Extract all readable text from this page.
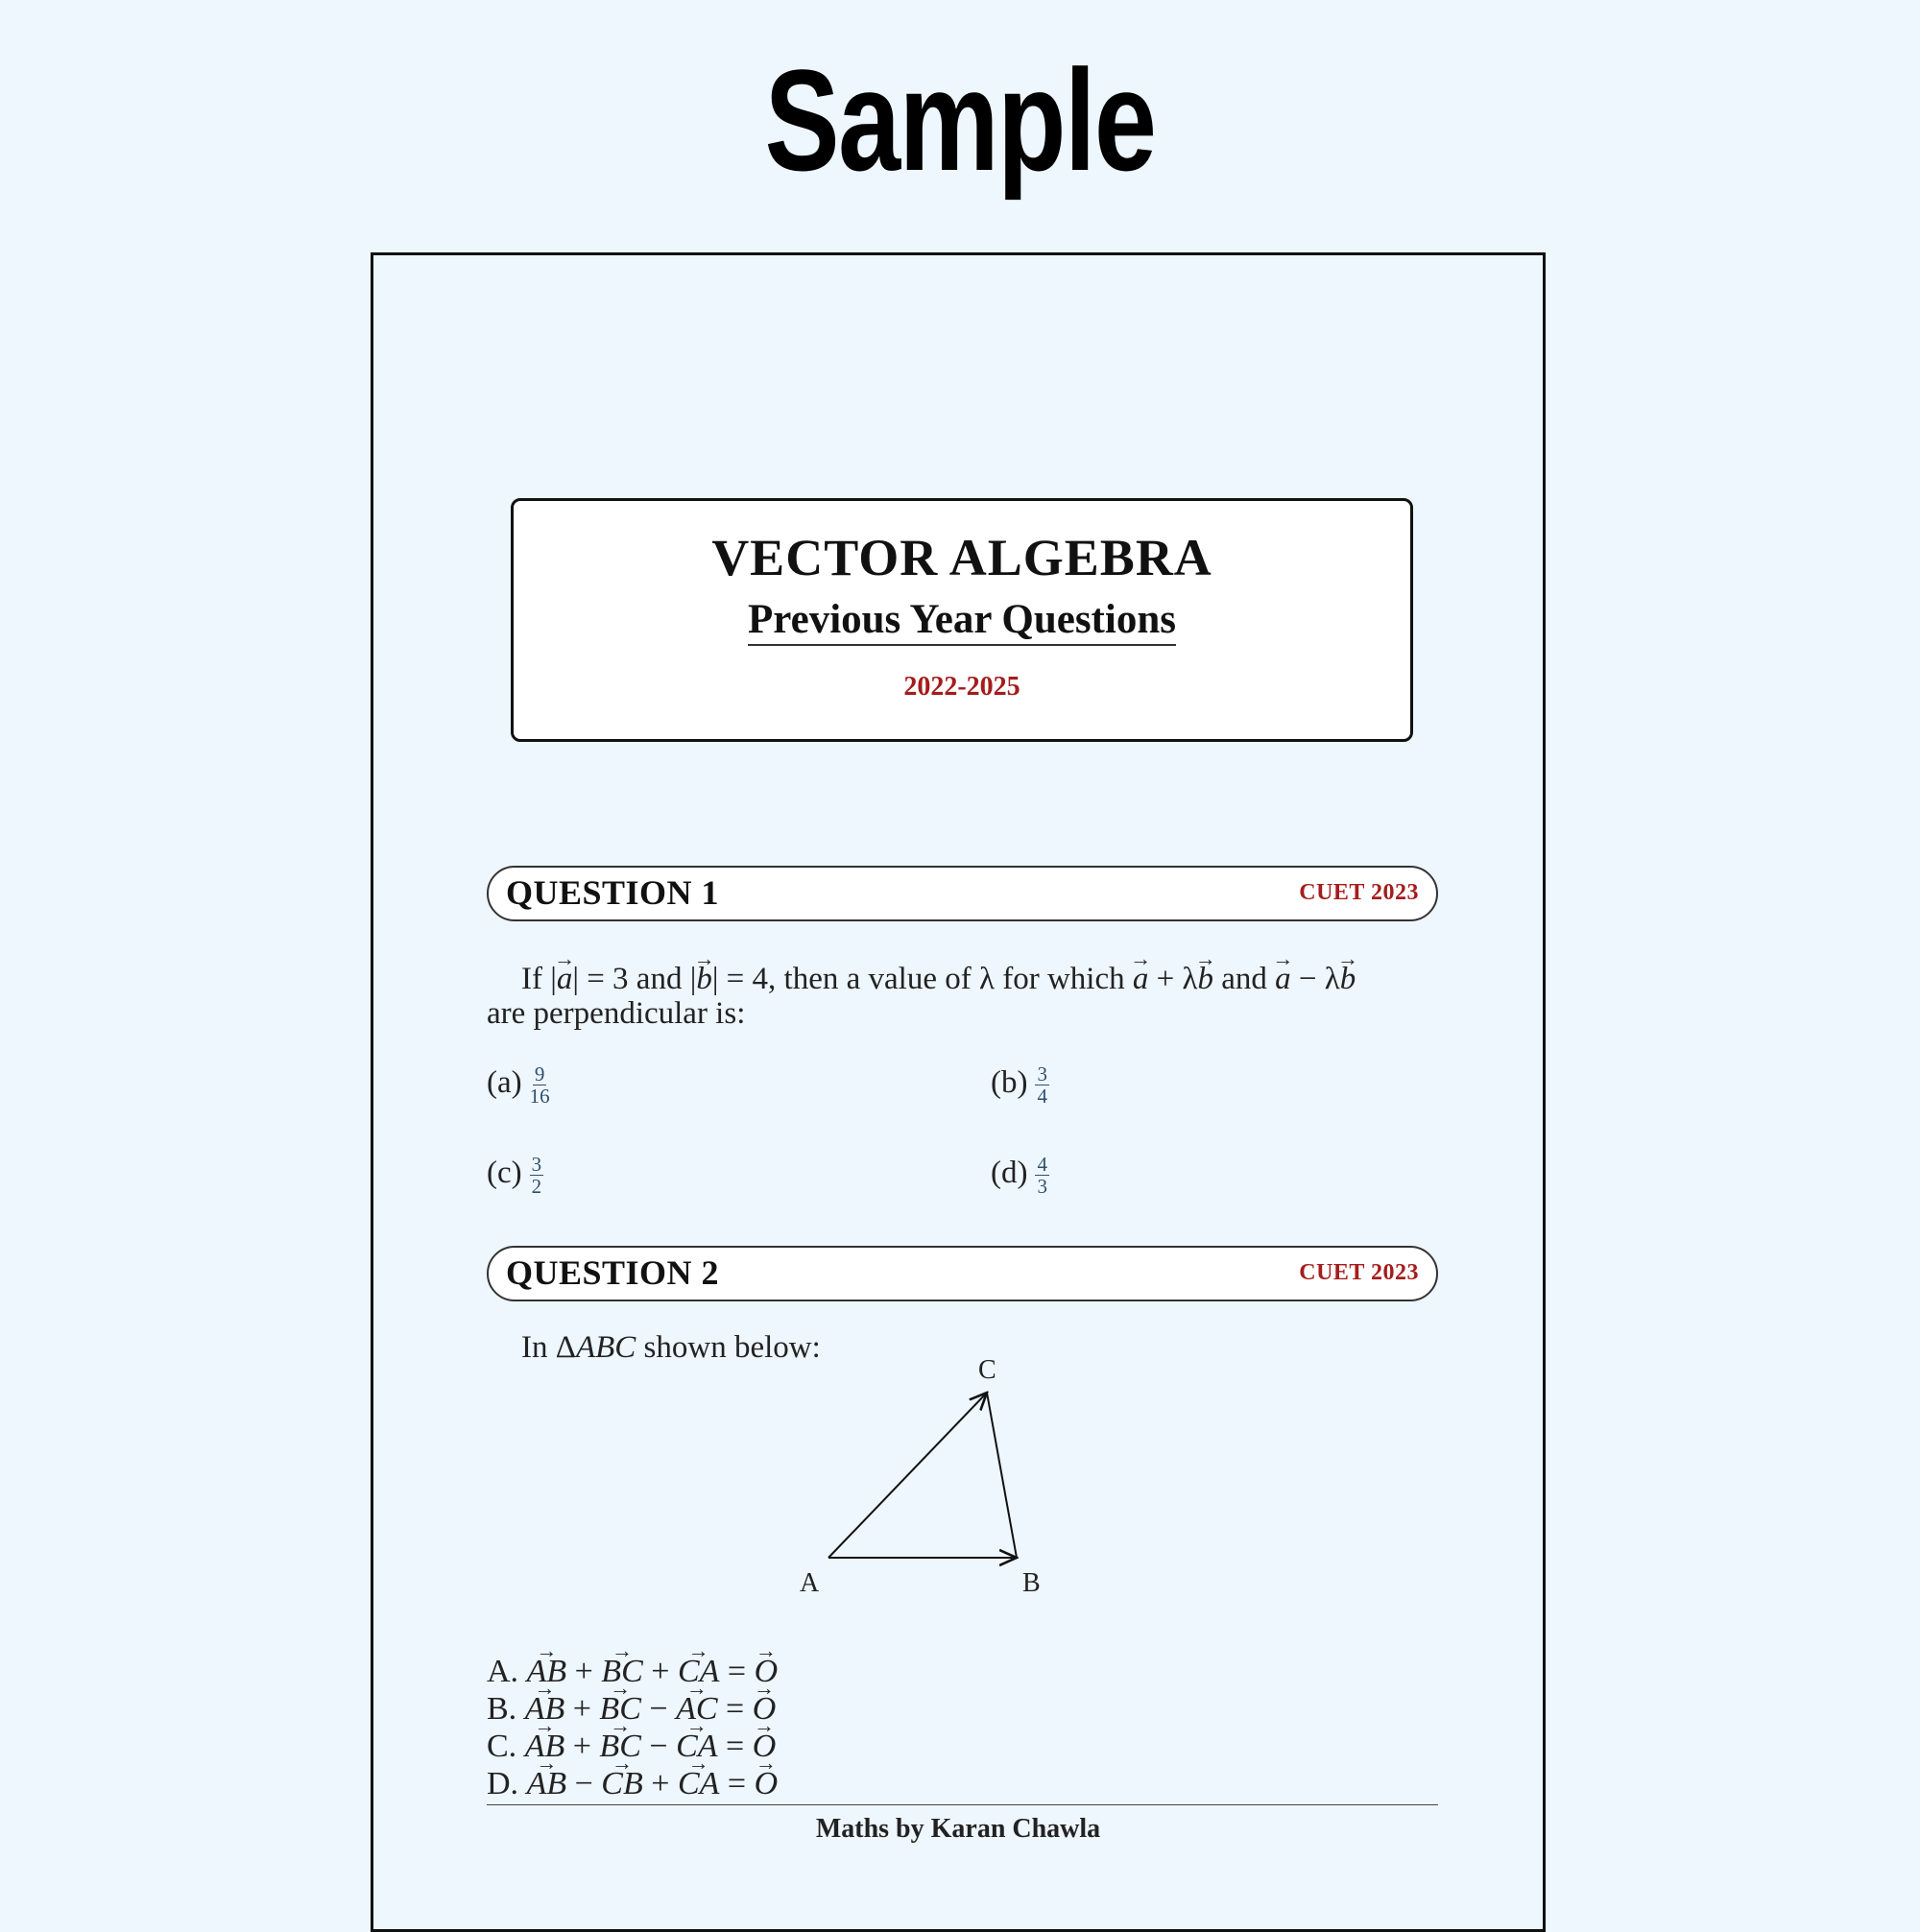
Sample
VECTOR ALGEBRA
Previous Year Questions
2022-2025
QUESTION 1	CUET 2023
If |→ a| = 3 and |→ b| = 4, then a value of λ for which → a + λ→ b and → a − λ→ b
are perpendicular is:
$(a) \frac{9}{16}$	$(b) \frac{3}{4}$
$(c) \frac{3}{2}$	$(d) \frac{4}{3}$
QUESTION 2	CUET 2023
In ΔABC shown below:
C
A	B
A. → AB + → BC + → CA = → O
B. → AB + → BC − → AC = → O
C. → AB + → BC − → CA = → O
D. → AB − → CB + → CA = → O
Maths by Karan Chawla
